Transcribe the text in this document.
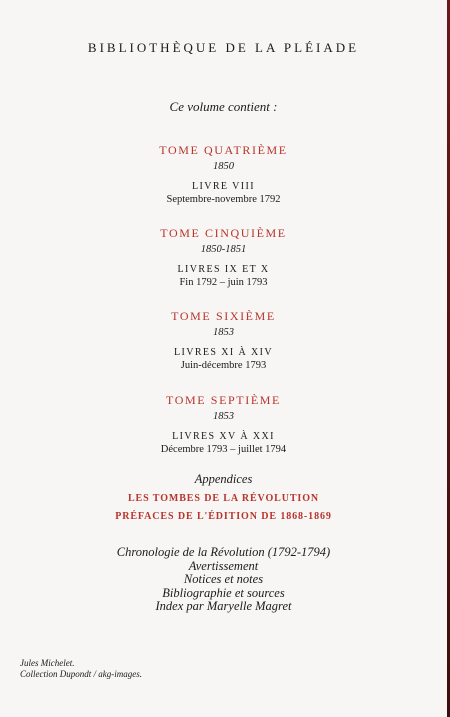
BIBLIOTHÈQUE DE LA PLÉIADE
Ce volume contient :
TOME QUATRIÈME
1850
LIVRE VIII
Septembre-novembre 1792
TOME CINQUIÈME
1850-1851
LIVRES IX ET X
Fin 1792 – juin 1793
TOME SIXIÈME
1853
LIVRES XI À XIV
Juin-décembre 1793
TOME SEPTIÈME
1853
LIVRES XV À XXI
Décembre 1793 – juillet 1794
Appendices
LES TOMBES DE LA RÉVOLUTION
PRÉFACES DE L'ÉDITION DE 1868-1869
Chronologie de la Révolution (1792-1794)
Avertissement
Notices et notes
Bibliographie et sources
Index par Maryelle Magret
Jules Michelet.
Collection Dupondt / akg-images.
